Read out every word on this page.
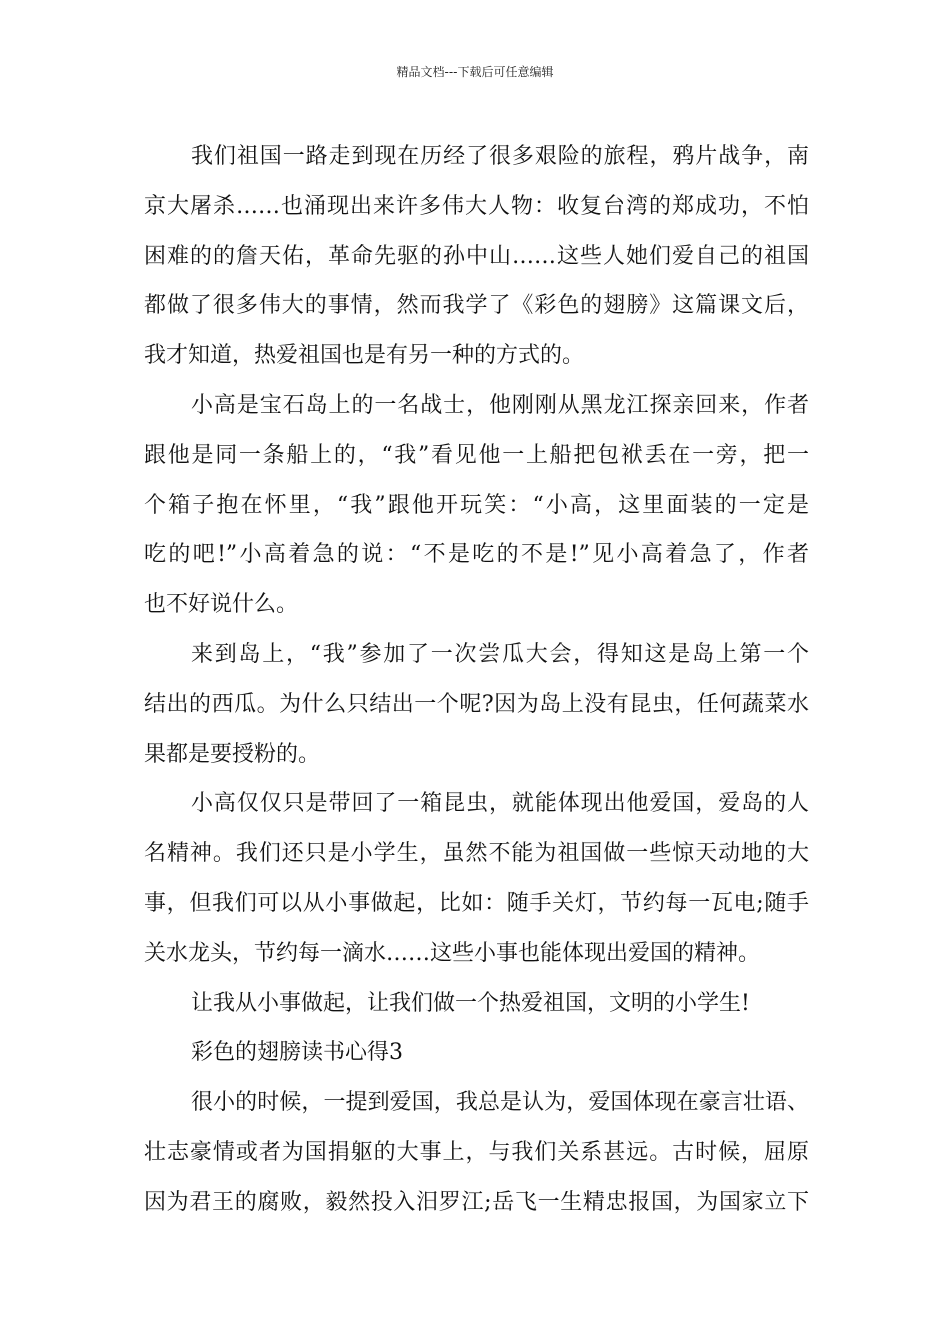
精品文档---下载后可任意编辑
我们祖国一路走到现在历经了很多艰险的旅程，鸦片战争，南
京大屠杀……也涌现出来许多伟大人物：收复台湾的郑成功，不怕
困难的的詹天佑，革命先驱的孙中山……这些人她们爱自己的祖国
都做了很多伟大的事情，然而我学了《彩色的翅膀》这篇课文后，
我才知道，热爱祖国也是有另一种的方式的。
小高是宝石岛上的一名战士，他刚刚从黑龙江探亲回来，作者
跟他是同一条船上的，“我”看见他一上船把包袱丢在一旁，把一
个箱子抱在怀里，“我”跟他开玩笑：“小高，这里面装的一定是
吃的吧!”小高着急的说：“不是吃的不是!”见小高着急了，作者
也不好说什么。
来到岛上，“我”参加了一次尝瓜大会，得知这是岛上第一个
结出的西瓜。为什么只结出一个呢?因为岛上没有昆虫，任何蔬菜水
果都是要授粉的。
小高仅仅只是带回了一箱昆虫，就能体现出他爱国，爱岛的人
名精神。我们还只是小学生，虽然不能为祖国做一些惊天动地的大
事，但我们可以从小事做起，比如：随手关灯，节约每一瓦电;随手
关水龙头，节约每一滴水……这些小事也能体现出爱国的精神。
让我从小事做起，让我们做一个热爱祖国，文明的小学生!
彩色的翅膀读书心得3
很小的时候，一提到爱国，我总是认为，爱国体现在豪言壮语、
壮志豪情或者为国捐躯的大事上，与我们关系甚远。古时候，屈原
因为君王的腐败，毅然投入汨罗江;岳飞一生精忠报国，为国家立下
